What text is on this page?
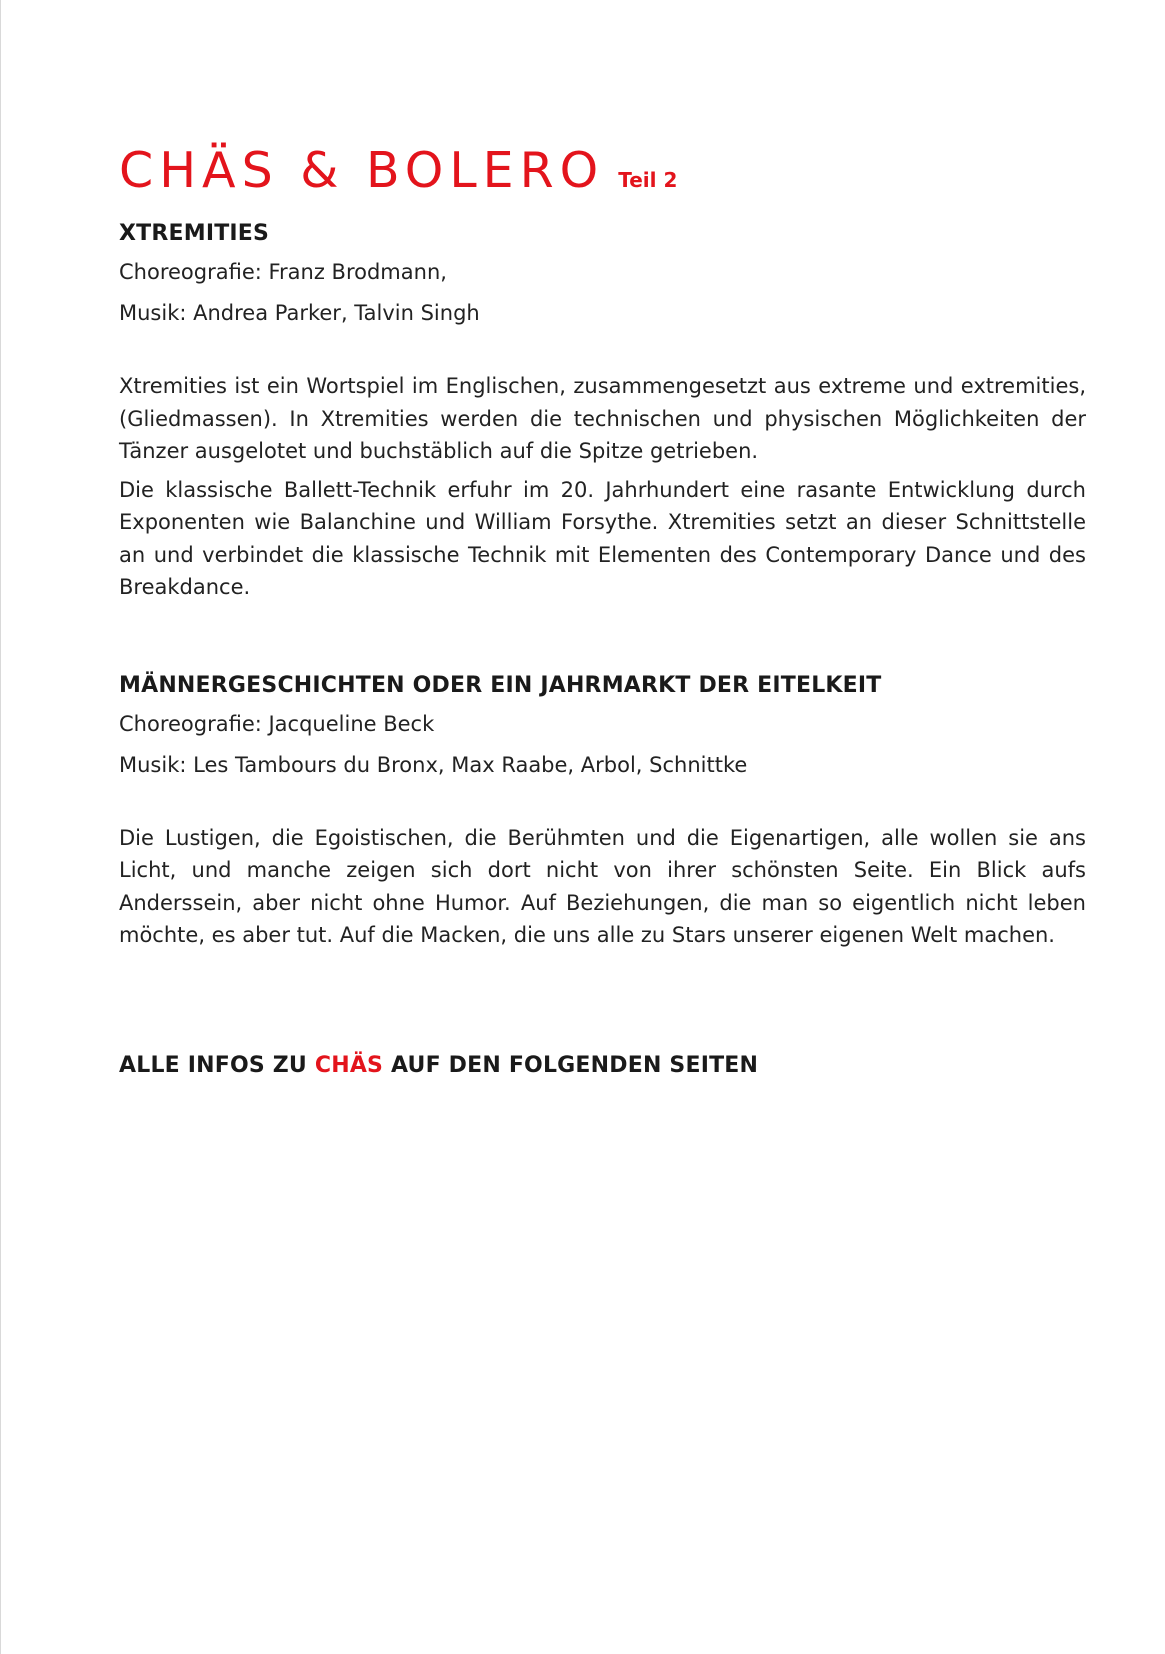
CHÄS & BOLERO Teil 2
XTREMITIES

Choreografie: Franz Brodmann,

Musik: Andrea Parker, Talvin Singh

Xtremities ist ein Wortspiel im Englischen, zusammengesetzt aus extreme und extremities, (Gliedmassen). In Xtremities werden die technischen und physischen Möglichkeiten der Tänzer ausgelotet und buchstäblich auf die Spitze getrieben.

Die klassische Ballett-Technik erfuhr im 20. Jahrhundert eine rasante Entwicklung durch Exponenten wie Balanchine und William Forsythe. Xtremities setzt an dieser Schnittstelle an und verbindet die klassische Technik mit Elementen des Contemporary Dance und des Breakdance.

MÄNNERGESCHICHTEN ODER EIN JAHRMARKT DER EITELKEIT

Choreografie: Jacqueline Beck

Musik: Les Tambours du Bronx, Max Raabe, Arbol, Schnittke

Die Lustigen, die Egoistischen, die Berühmten und die Eigenartigen, alle wollen sie ans Licht, und manche zeigen sich dort nicht von ihrer schönsten Seite. Ein Blick aufs Anderssein, aber nicht ohne Humor. Auf Beziehungen, die man so eigentlich nicht leben möchte, es aber tut. Auf die Macken, die uns alle zu Stars unserer eigenen Welt machen.

ALLE INFOS ZU CHÄS AUF DEN FOLGENDEN SEITEN
